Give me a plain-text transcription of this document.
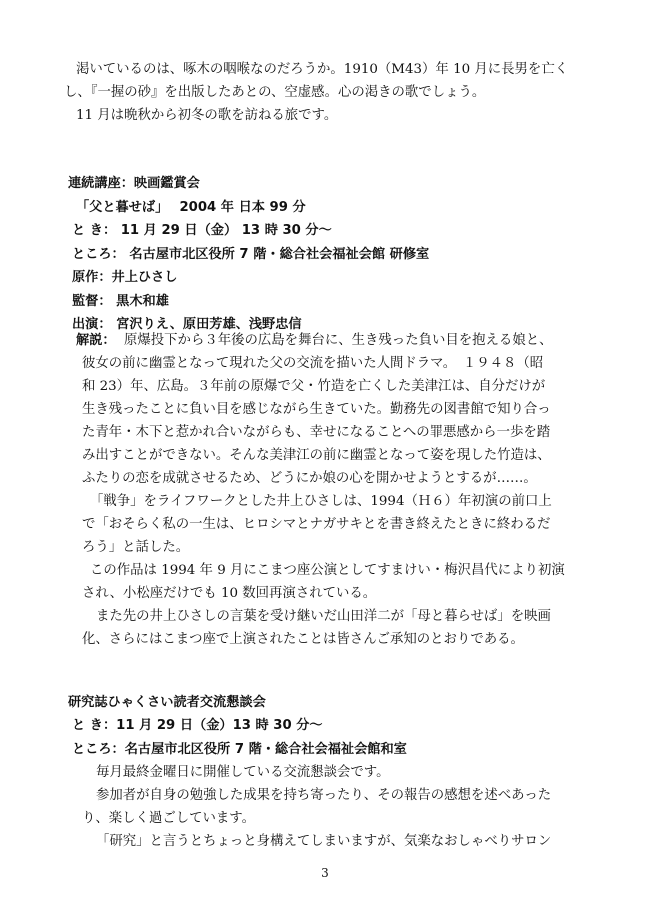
渇いているのは、啄木の咽喉なのだろうか。1910（M43）年 10 月に長男を亡く
し、『一握の砂』を出版したあとの、空虚感。心の渇きの歌でしょう。
11 月は晩秋から初冬の歌を訪ねる旅です。
連続講座：映画鑑賞会
「父と暮せば」　 2004 年 日本 99 分
と き： 11 月 29 日（金） 13 時 30 分～
ところ： 名古屋市北区役所 7 階・総合社会福祉会館 研修室
原作：井上ひさし
監督： 黒木和雄
出演： 宮沢りえ、原田芳雄、浅野忠信
解説： 原爆投下から３年後の広島を舞台に、生き残った負い目を抱える娘と、
彼女の前に幽霊となって現れた父の交流を描いた人間ドラマ。　１９４８（昭
和 23）年、広島。３年前の原爆で父・竹造を亡くした美津江は、自分だけが
生き残ったことに負い目を感じながら生きていた。勤務先の図書館で知り合っ
た青年・木下と惹かれ合いながらも、幸せになることへの罪悪感から一歩を踏
み出すことができない。そんな美津江の前に幽霊となって姿を現した竹造は、
ふたりの恋を成就させるため、どうにか娘の心を開かせようとするが……。
「戦争」をライフワークとした井上ひさしは、1994（Ｈ６）年初演の前口上
で「おそらく私の一生は、ヒロシマとナガサキとを書き終えたときに終わるだ
ろう」と話した。
この作品は 1994 年 9 月にこまつ座公演としてすまけい・梅沢昌代により初演
され、小松座だけでも 10 数回再演されている。
また先の井上ひさしの言葉を受け継いだ山田洋二が「母と暮らせば」を映画
化、さらにはこまつ座で上演されたことは皆さんご承知のとおりである。
研究誌ひゃくさい読者交流懇談会
と き：11 月 29 日（金）13 時 30 分～
ところ：名古屋市北区役所 7 階・総合社会福祉会館和室
毎月最終金曜日に開催している交流懇談会です。
参加者が自身の勉強した成果を持ち寄ったり、その報告の感想を述べあった
り、楽しく過ごしています。
「研究」と言うとちょっと身構えてしまいますが、気楽なおしゃべりサロン
3
